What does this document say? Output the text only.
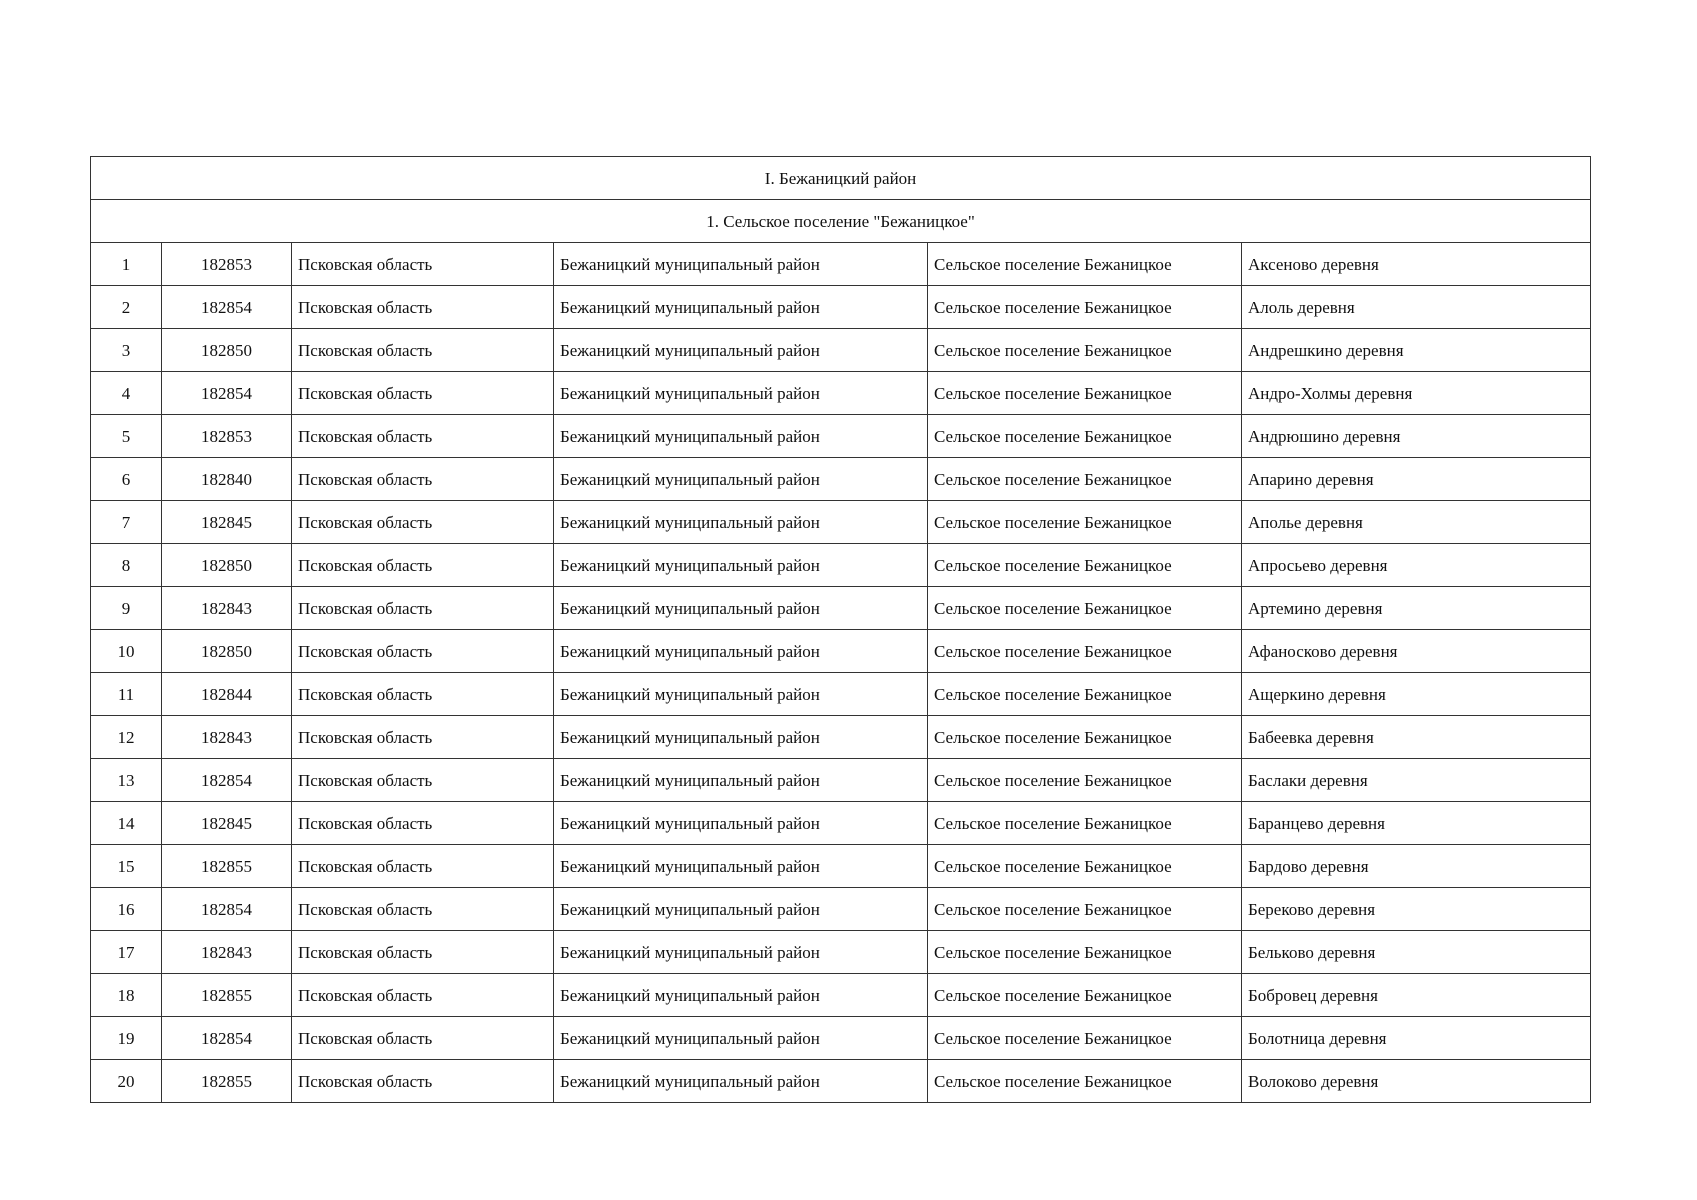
I. Бежаницкий район					
1. Сельское поселение "Бежаницкое"					
1	182853	Псковская область	Бежаницкий муниципальный район	Сельское поселение Бежаницкое	Аксеново деревня
2	182854	Псковская область	Бежаницкий муниципальный район	Сельское поселение Бежаницкое	Алоль деревня
3	182850	Псковская область	Бежаницкий муниципальный район	Сельское поселение Бежаницкое	Андрешкино деревня
4	182854	Псковская область	Бежаницкий муниципальный район	Сельское поселение Бежаницкое	Андро-Холмы деревня
5	182853	Псковская область	Бежаницкий муниципальный район	Сельское поселение Бежаницкое	Андрюшино деревня
6	182840	Псковская область	Бежаницкий муниципальный район	Сельское поселение Бежаницкое	Апарино деревня
7	182845	Псковская область	Бежаницкий муниципальный район	Сельское поселение Бежаницкое	Аполье деревня
8	182850	Псковская область	Бежаницкий муниципальный район	Сельское поселение Бежаницкое	Апросьево деревня
9	182843	Псковская область	Бежаницкий муниципальный район	Сельское поселение Бежаницкое	Артемино деревня
10	182850	Псковская область	Бежаницкий муниципальный район	Сельское поселение Бежаницкое	Афаносково деревня
11	182844	Псковская область	Бежаницкий муниципальный район	Сельское поселение Бежаницкое	Ащеркино деревня
12	182843	Псковская область	Бежаницкий муниципальный район	Сельское поселение Бежаницкое	Бабеевка деревня
13	182854	Псковская область	Бежаницкий муниципальный район	Сельское поселение Бежаницкое	Баслаки деревня
14	182845	Псковская область	Бежаницкий муниципальный район	Сельское поселение Бежаницкое	Баранцево деревня
15	182855	Псковская область	Бежаницкий муниципальный район	Сельское поселение Бежаницкое	Бардово деревня
16	182854	Псковская область	Бежаницкий муниципальный район	Сельское поселение Бежаницкое	Береково деревня
17	182843	Псковская область	Бежаницкий муниципальный район	Сельское поселение Бежаницкое	Бельково деревня
18	182855	Псковская область	Бежаницкий муниципальный район	Сельское поселение Бежаницкое	Бобровец деревня
19	182854	Псковская область	Бежаницкий муниципальный район	Сельское поселение Бежаницкое	Болотница деревня
20	182855	Псковская область	Бежаницкий муниципальный район	Сельское поселение Бежаницкое	Волоково деревня
